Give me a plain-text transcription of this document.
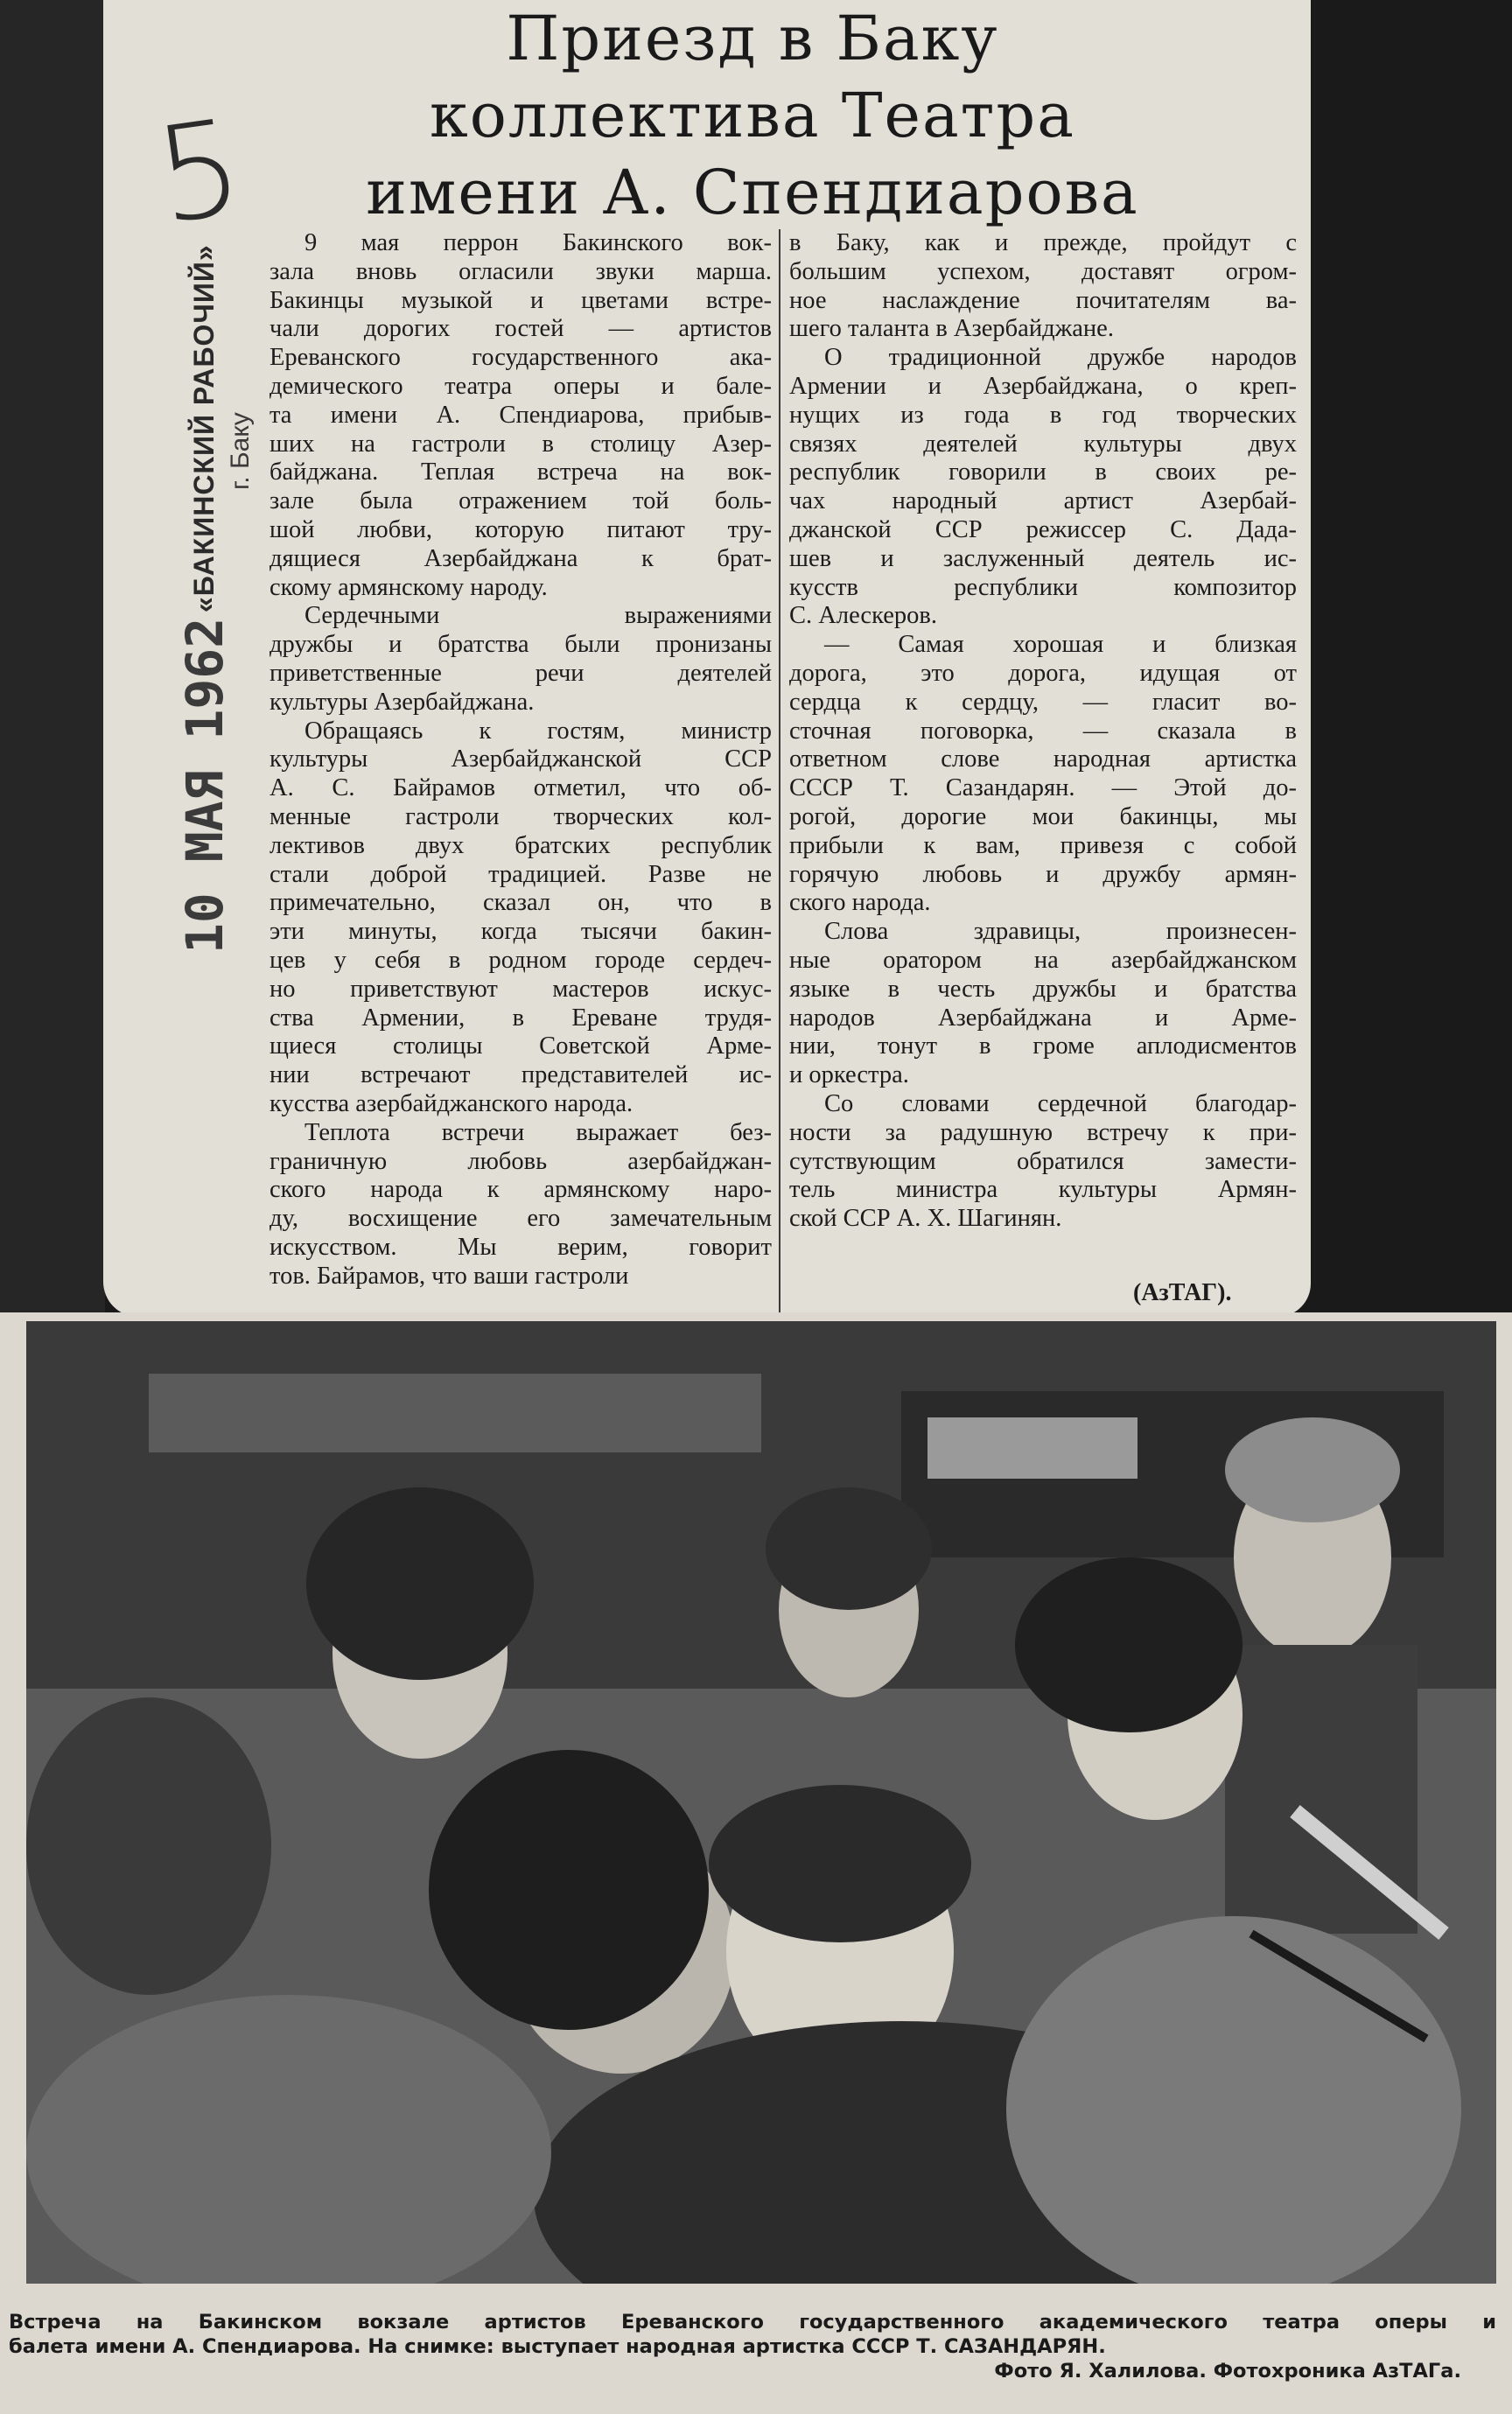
5
Приезд в Баку
коллектива Театра
имени А. Спендиарова
«БАКИНСКИЙ РАБОЧИЙ» г. Баку
10 МАЯ 1962

9 мая перрон Бакинского вок-
зала вновь огласили звуки марша.
Бакинцы музыкой и цветами встре-
чали дорогих гостей — артистов
Ереванского государственного ака-
демического театра оперы и бале-
та имени А. Спендиарова, прибыв-
ших на гастроли в столицу Азер-
байджана. Теплая встреча на вок-
зале была отражением той боль-
шой любви, которую питают тру-
дящиеся Азербайджана к брат-
скому армянскому народу.

Сердечными выражениями
дружбы и братства были пронизаны
приветственные речи деятелей
культуры Азербайджана.

Обращаясь к гостям, министр
культуры Азербайджанской ССР
А. С. Байрамов отметил, что об-
менные гастроли творческих кол-
лективов двух братских республик
стали доброй традицией. Разве не
примечательно, сказал он, что в
эти минуты, когда тысячи бакин-
цев у себя в родном городе сердеч-
но приветствуют мастеров искус-
ства Армении, в Ереване трудя-
щиеся столицы Советской Арме-
нии встречают представителей ис-
кусства азербайджанского народа.

Теплота встречи выражает без-
граничную любовь азербайджан-
ского народа к армянскому наро-
ду, восхищение его замечательным
искусством. Мы верим, говорит
тов. Байрамов, что ваши гастроли

в Баку, как и прежде, пройдут с
большим успехом, доставят огром-
ное наслаждение почитателям ва-
шего таланта в Азербайджане.

О традиционной дружбе народов
Армении и Азербайджана, о креп-
нущих из года в год творческих
связях деятелей культуры двух
республик говорили в своих ре-
чах народный артист Азербай-
джанской ССР режиссер С. Дада-
шев и заслуженный деятель ис-
кусств республики композитор
С. Алескеров.

— Самая хорошая и близкая
дорога, это дорога, идущая от
сердца к сердцу, — гласит во-
сточная поговорка, — сказала в
ответном слове народная артистка
СССР Т. Сазандарян. — Этой до-
рогой, дорогие мои бакинцы, мы
прибыли к вам, привезя с собой
горячую любовь и дружбу армян-
ского народа.

Слова здравицы, произнесен-
ные оратором на азербайджанском
языке в честь дружбы и братства
народов Азербайджана и Арме-
нии, тонут в громе аплодисментов
и оркестра.

Со словами сердечной благодар-
ности за радушную встречу к при-
сутствующим обратился замести-
тель министра культуры Армян-
ской ССР А. Х. Шагинян.

(АзТАГ).
Встреча на Бакинском вокзале артистов Ереванского государственного академического театра оперы и
балета имени А. Спендиарова. На снимке: выступает народная артистка СССР Т. САЗАНДАРЯН.
Фото Я. Халилова. Фотохроника АзТАГа.
